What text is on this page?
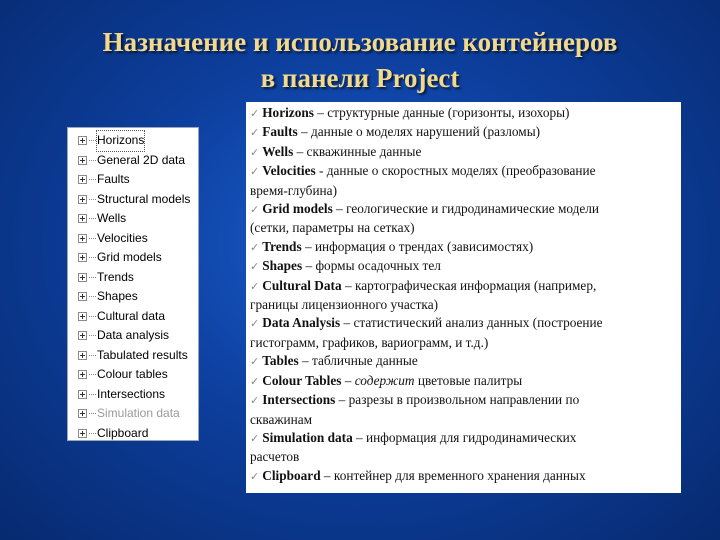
Назначение и использование контейнеров
в панели Project
Horizons
General 2D data
Faults
Structural models
Wells
Velocities
Grid models
Trends
Shapes
Cultural data
Data analysis
Tabulated results
Colour tables
Intersections
Simulation data
Clipboard
✓ Horizons – структурные данные (горизонты, изохоры)
✓ Faults – данные о моделях нарушений (разломы)
✓ Wells – скважинные данные
✓ Velocities - данные о скоростных моделях (преобразование
время-глубина)
✓ Grid models – геологические и гидродинамические модели
(сетки, параметры на сетках)
✓ Trends – информация о трендах (зависимостях)
✓ Shapes – формы осадочных тел
✓ Cultural Data – картографическая информация (например,
границы лицензионного участка)
✓ Data Analysis – статистический анализ данных (построение
гистограмм, графиков, вариограмм, и т.д.)
✓ Tables – табличные данные
✓ Colour Tables – содержит цветовые палитры
✓ Intersections – разрезы в произвольном направлении по
скважинам
✓ Simulation data – информация для гидродинамических
расчетов
✓ Clipboard – контейнер для временного хранения данных
